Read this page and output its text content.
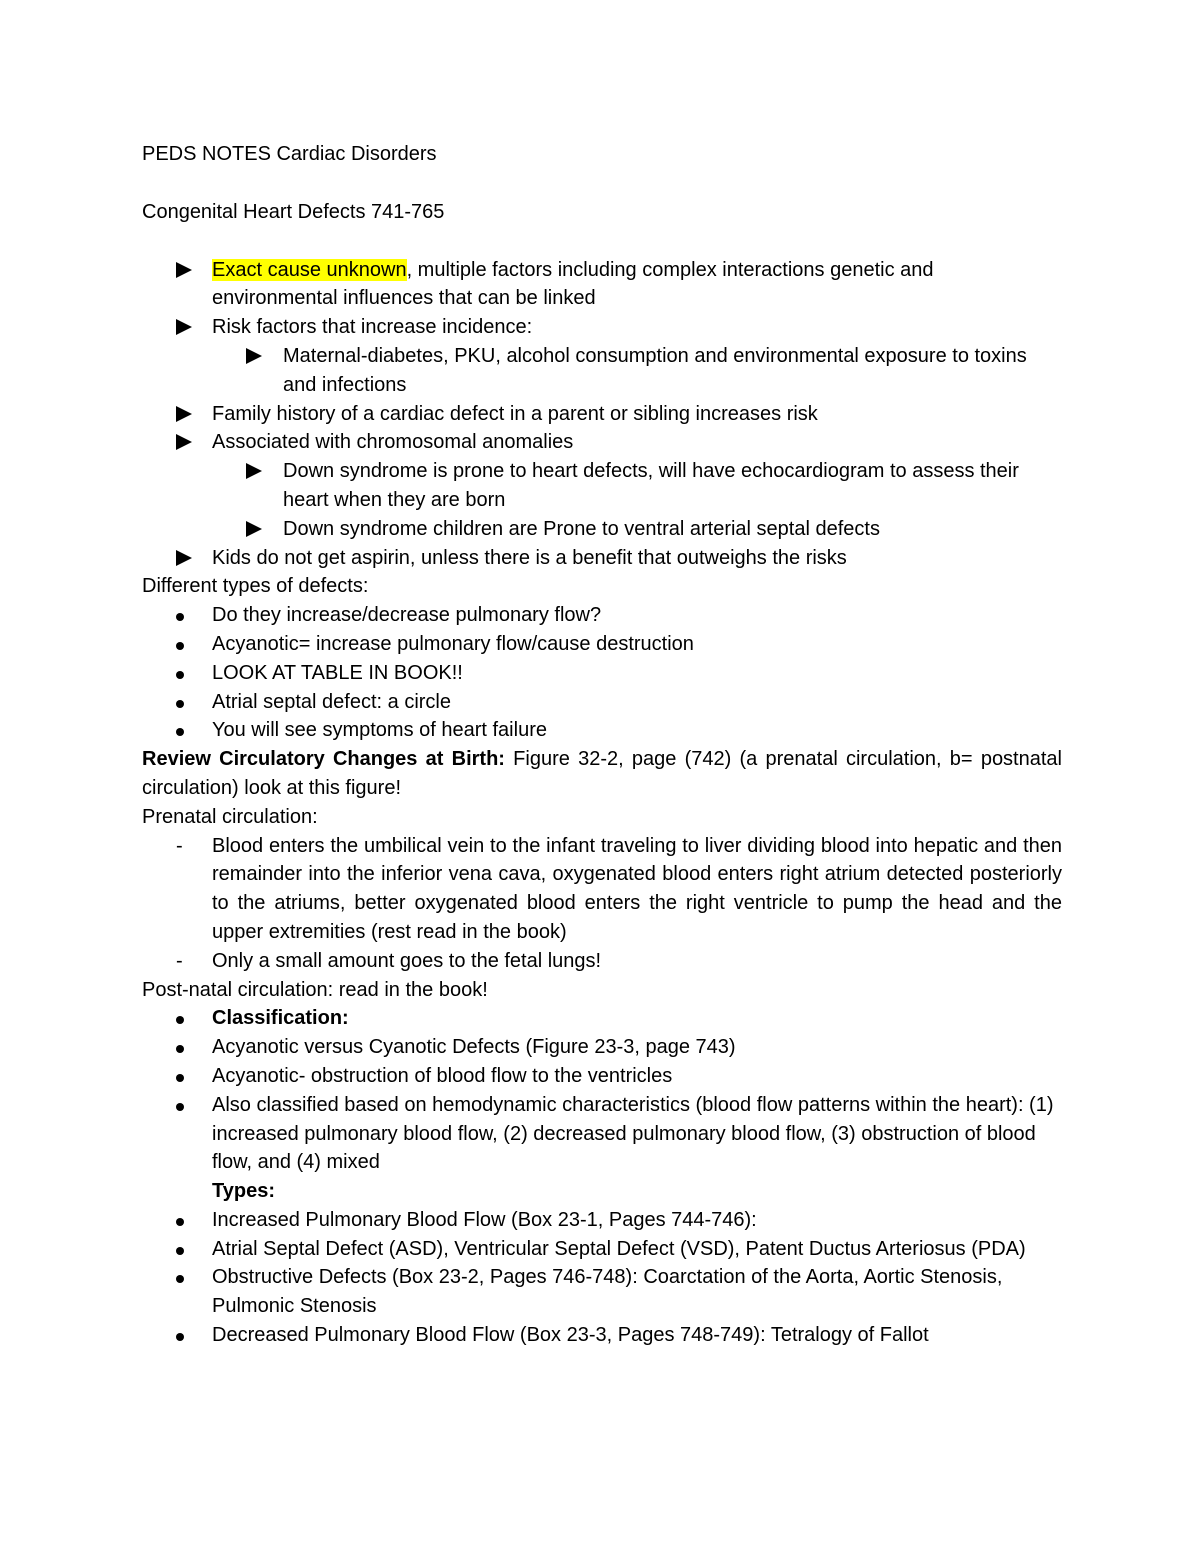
PEDS NOTES Cardiac Disorders

Congenital Heart Defects 741-765

Exact cause unknown, multiple factors including complex interactions genetic and environmental influences that can be linked
Risk factors that increase incidence:
Maternal-diabetes, PKU, alcohol consumption and environmental exposure to toxins and infections
Family history of a cardiac defect in a parent or sibling increases risk
Associated with chromosomal anomalies
Down syndrome is prone to heart defects, will have echocardiogram to assess their heart when they are born
Down syndrome children are Prone to ventral arterial septal defects
Kids do not get aspirin, unless there is a benefit that outweighs the risks

Different types of defects:

Do they increase/decrease pulmonary flow?
Acyanotic= increase pulmonary flow/cause destruction
LOOK AT TABLE IN BOOK!!
Atrial septal defect: a circle
You will see symptoms of heart failure

Review Circulatory Changes at Birth: Figure 32-2, page (742) (a prenatal circulation, b= postnatal circulation) look at this figure!

Prenatal circulation:

-	Blood enters the umbilical vein to the infant traveling to liver dividing blood into hepatic and then remainder into the inferior vena cava, oxygenated blood enters right atrium detected posteriorly to the atriums, better oxygenated blood enters the right ventricle to pump the head and the upper extremities (rest read in the book)
-	Only a small amount goes to the fetal lungs!

Post-natal circulation: read in the book!

Classification:
Acyanotic versus Cyanotic Defects (Figure 23-3, page 743)
Acyanotic- obstruction of blood flow to the ventricles
Also classified based on hemodynamic characteristics (blood flow patterns within the heart): (1) increased pulmonary blood flow, (2) decreased pulmonary blood flow, (3) obstruction of blood flow, and (4) mixed

Types:

Increased Pulmonary Blood Flow (Box 23-1, Pages 744-746):
Atrial Septal Defect (ASD), Ventricular Septal Defect (VSD), Patent Ductus Arteriosus (PDA)
Obstructive Defects (Box 23-2, Pages 746-748): Coarctation of the Aorta, Aortic Stenosis, Pulmonic Stenosis
Decreased Pulmonary Blood Flow (Box 23-3, Pages 748-749): Tetralogy of Fallot
